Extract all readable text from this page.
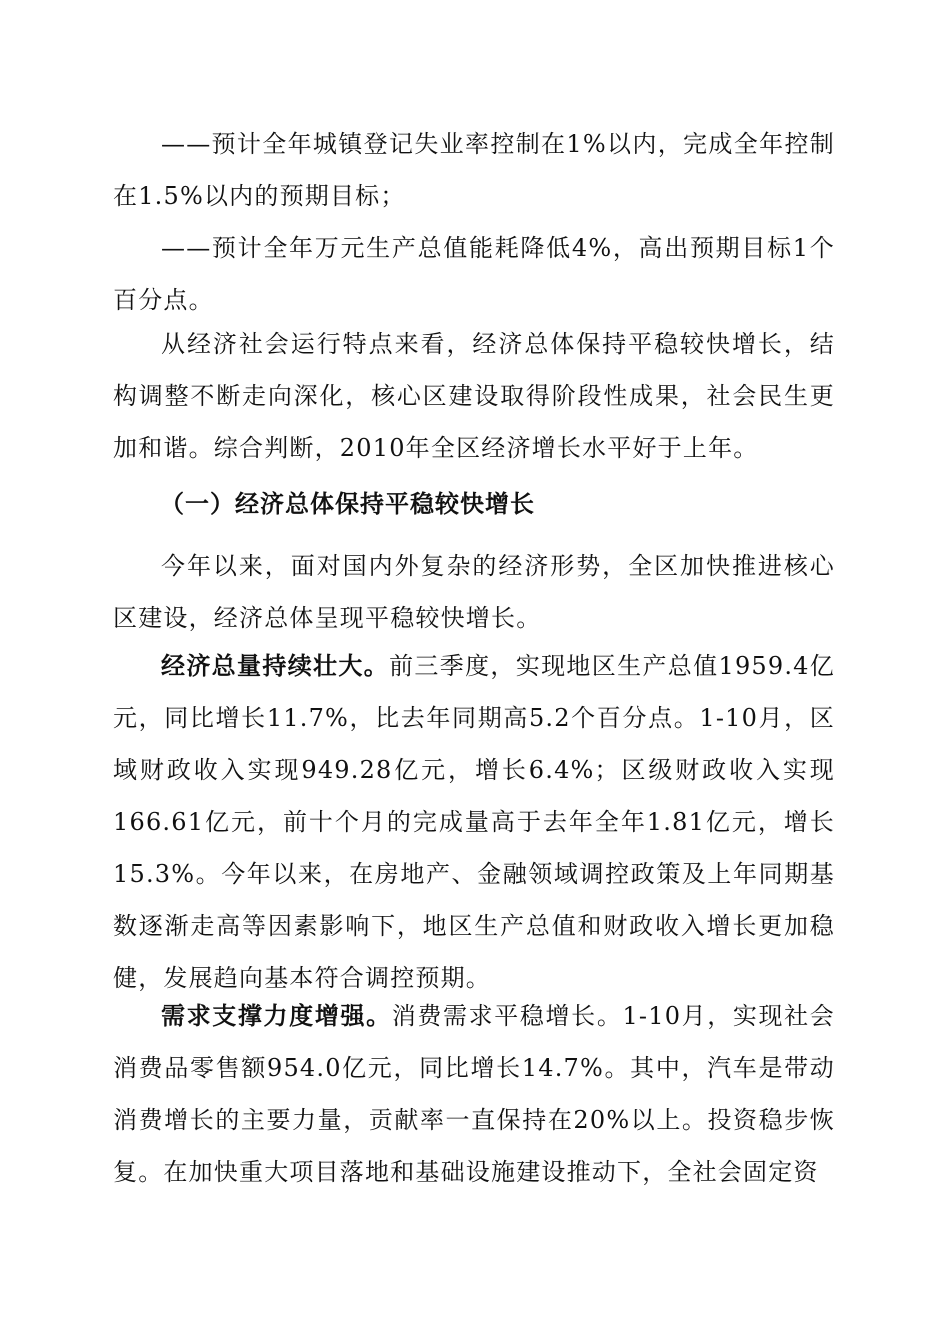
——预计全年城镇登记失业率控制在1%以内，完成全年控制在1.5%以内的预期目标；

——预计全年万元生产总值能耗降低4%，高出预期目标1个百分点。

从经济社会运行特点来看，经济总体保持平稳较快增长，结构调整不断走向深化，核心区建设取得阶段性成果，社会民生更加和谐。综合判断，2010年全区经济增长水平好于上年。

（一）经济总体保持平稳较快增长

今年以来，面对国内外复杂的经济形势，全区加快推进核心区建设，经济总体呈现平稳较快增长。

经济总量持续壮大。前三季度，实现地区生产总值1959.4亿元，同比增长11.7%，比去年同期高5.2个百分点。1-10月，区域财政收入实现949.28亿元，增长6.4%；区级财政收入实现166.61亿元，前十个月的完成量高于去年全年1.81亿元，增长15.3%。今年以来，在房地产、金融领域调控政策及上年同期基数逐渐走高等因素影响下，地区生产总值和财政收入增长更加稳健，发展趋向基本符合调控预期。

需求支撑力度增强。消费需求平稳增长。1-10月，实现社会消费品零售额954.0亿元，同比增长14.7%。其中，汽车是带动消费增长的主要力量，贡献率一直保持在20%以上。投资稳步恢复。在加快重大项目落地和基础设施建设推动下，全社会固定资
